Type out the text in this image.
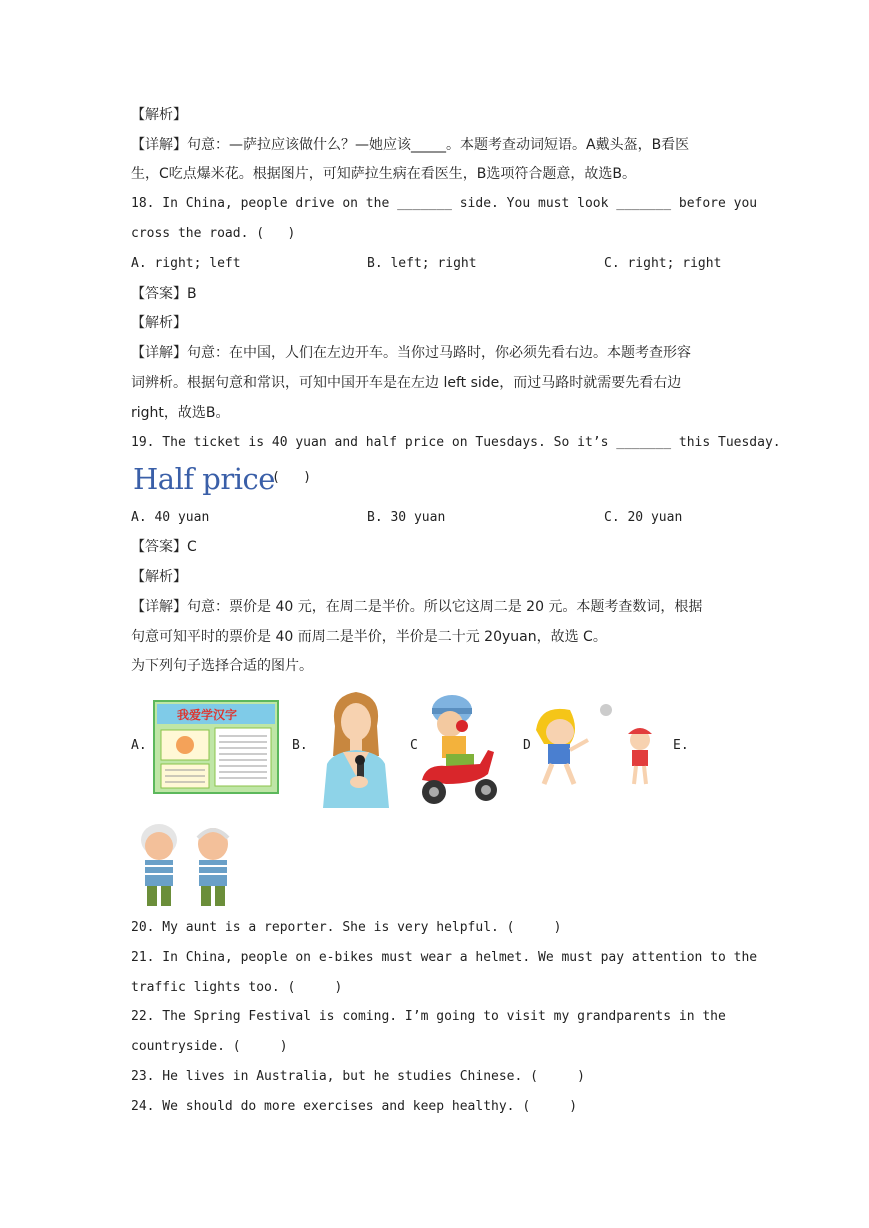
【解析】
【详解】句意：—萨拉应该做什么？—她应该_____。本题考查动词短语。A戴头盔，B看医
生，C吃点爆米花。根据图片，可知萨拉生病在看医生，B选项符合题意，故选B。
18. In China, people drive on the _______ side. You must look _______ before you
cross the road. (   )
A. right; left	B. left; right	C. right; right
【答案】B
【解析】
【详解】句意：在中国，人们在左边开车。当你过马路时，你必须先看右边。本题考查形容
词辨析。根据句意和常识，可知中国开车是在左边 left side，而过马路时就需要先看右边
right，故选B。
19. The ticket is 40 yuan and half price on Tuesdays. So it’s _______ this Tuesday.
Half price
(   )
A. 40 yuan	B. 30 yuan	C. 20 yuan
【答案】C
【解析】
【详解】句意：票价是 40 元，在周二是半价。所以它这周二是 20 元。本题考查数词，根据
句意可知平时的票价是 40 而周二是半价，半价是二十元 20yuan，故选 C。
为下列句子选择合适的图片。
A.
我爱学汉字
B.	C	D	E.
20. My aunt is a reporter. She is very helpful. (     )
21. In China, people on e-bikes must wear a helmet. We must pay attention to the
traffic lights too. (     )
22. The Spring Festival is coming. I’m going to visit my grandparents in the
countryside. (     )
23. He lives in Australia, but he studies Chinese. (     )
24. We should do more exercises and keep healthy. (     )
